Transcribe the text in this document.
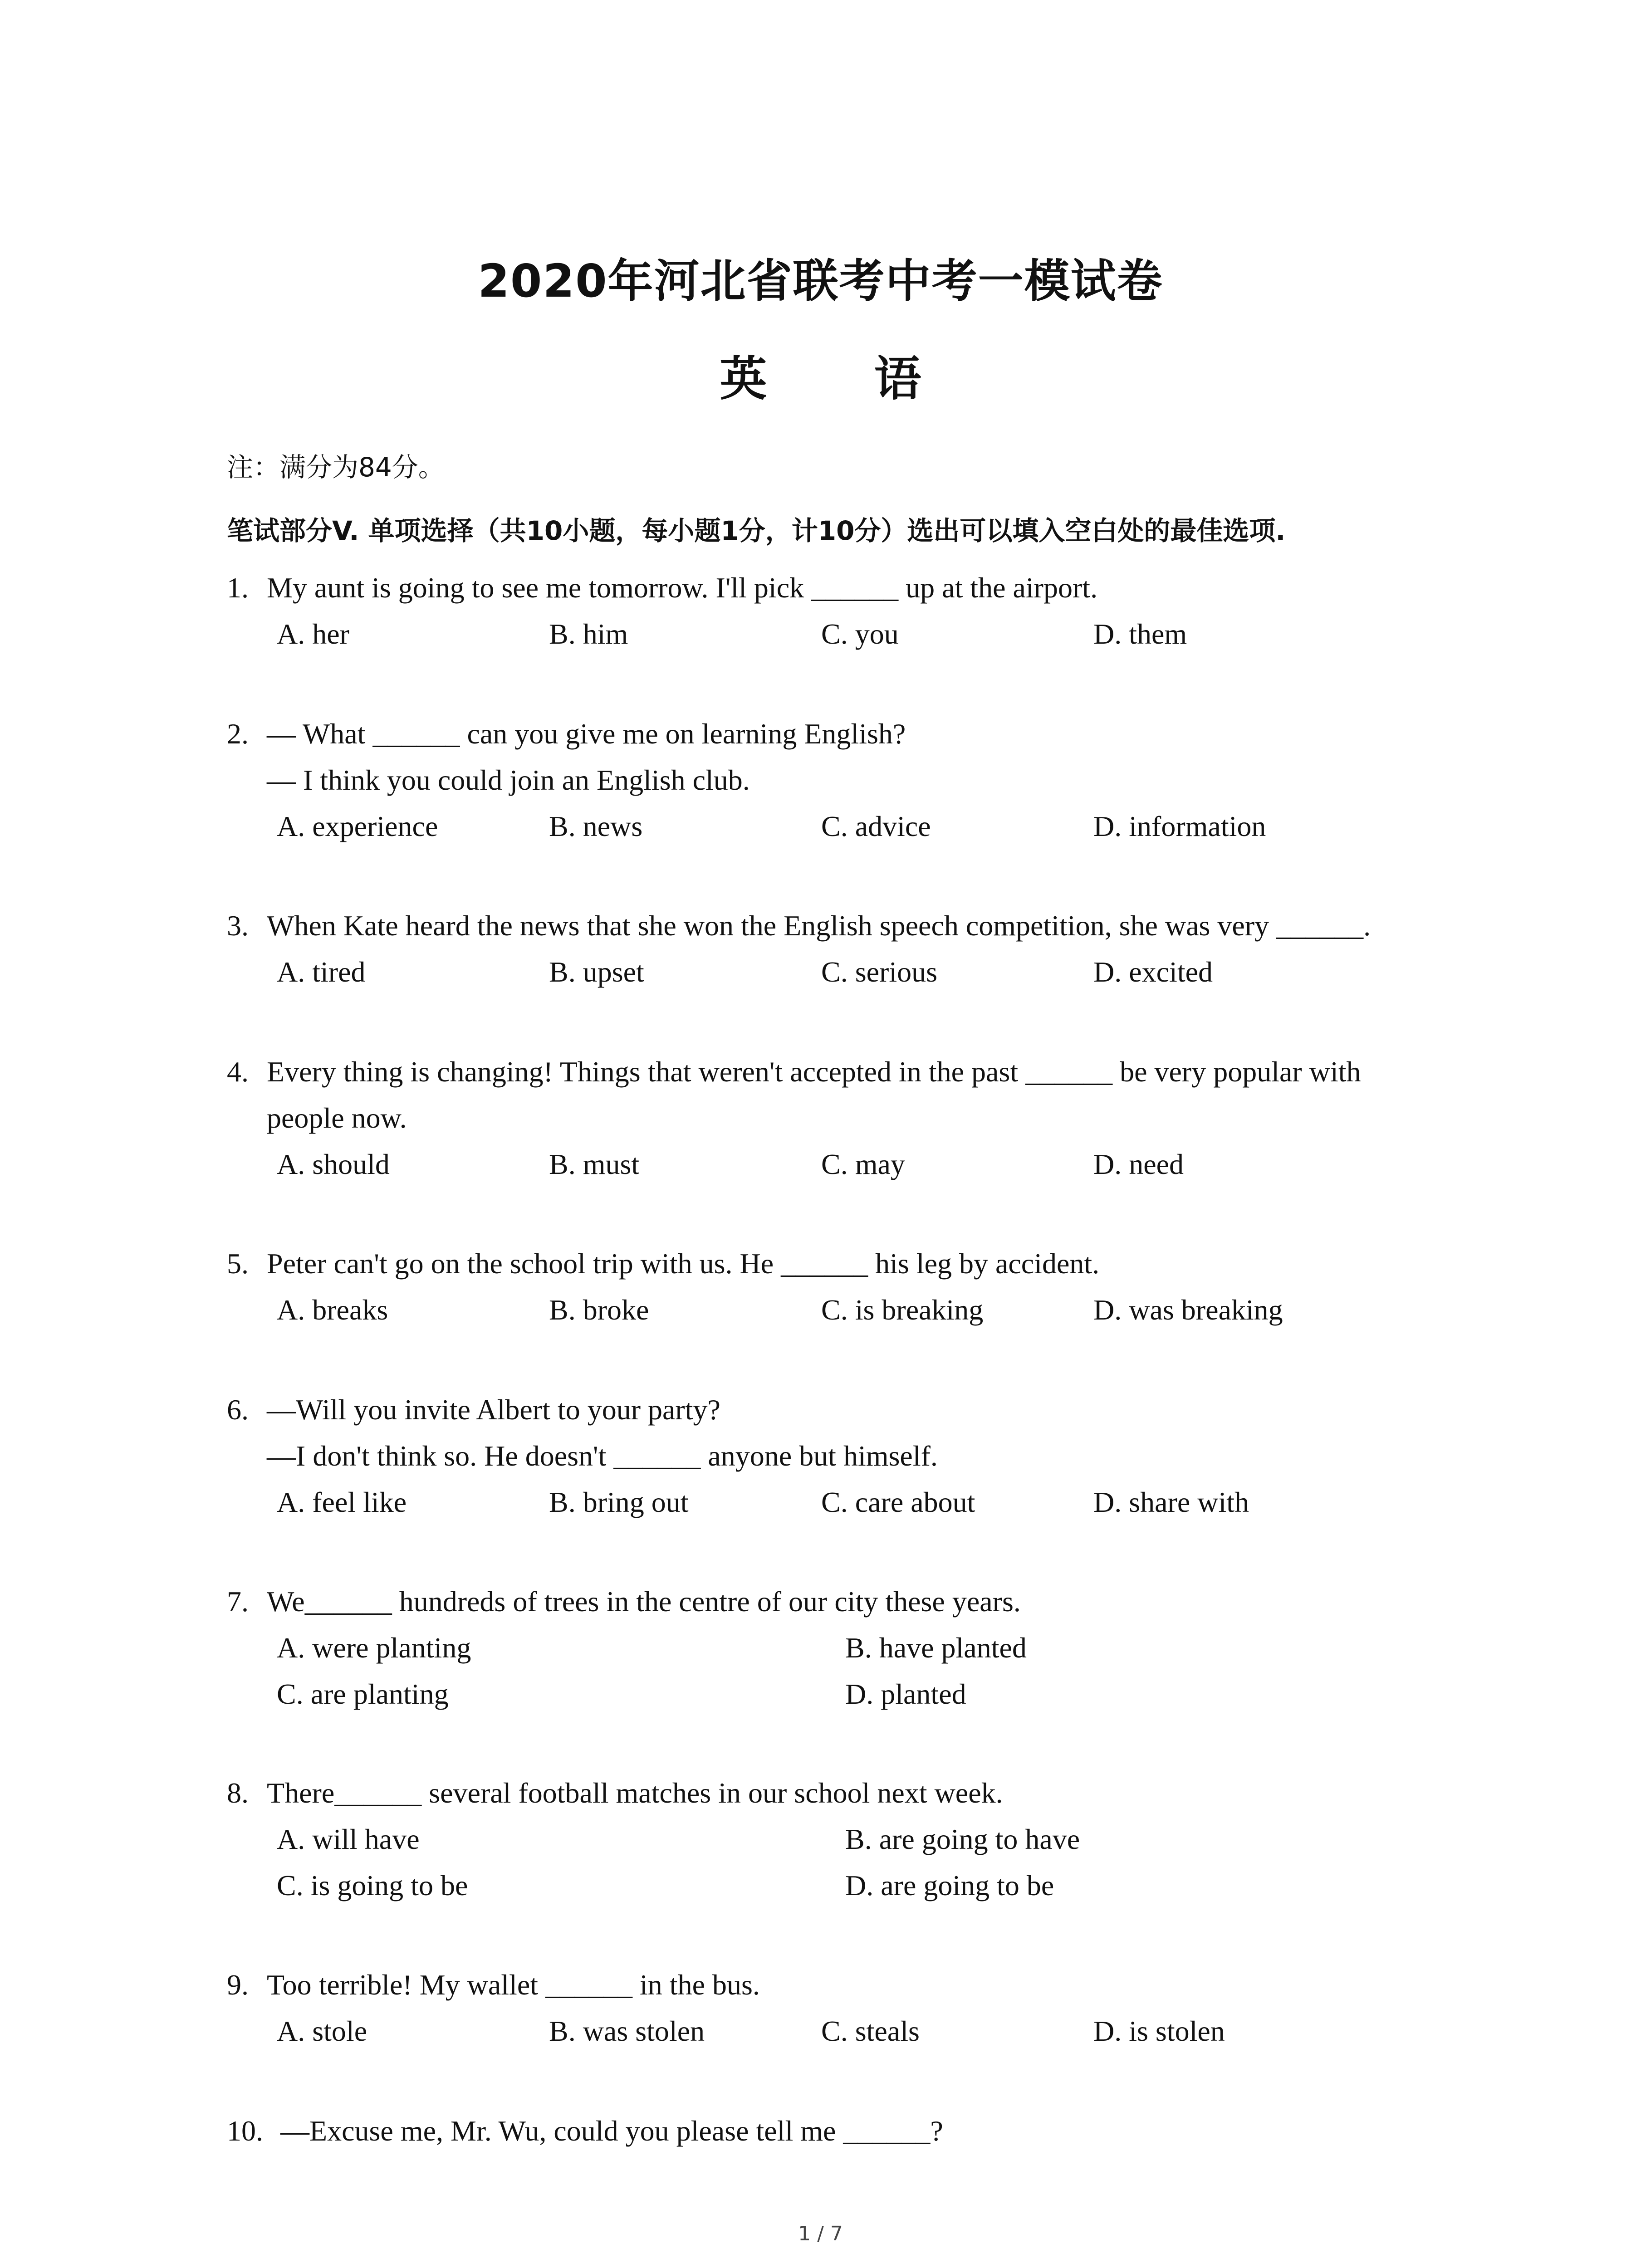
2020年河北省联考中考一模试卷
英 语
注：满分为84分。
笔试部分V. 单项选择（共10小题，每小题1分，计10分）选出可以填入空白处的最佳选项.
1. My aunt is going to see me tomorrow. I'll pick ______ up at the airport.
A. her	B. him	C. you	D. them
2. — What ______ can you give me on learning English?
— I think you could join an English club.
A. experience	B. news	C. advice	D. information
3. When Kate heard the news that she won the English speech competition, she was very ______.
A. tired	B. upset	C. serious	D. excited
4. Every thing is changing! Things that weren't accepted in the past ______ be very popular with
people now.
A. should	B. must	C. may	D. need
5. Peter can't go on the school trip with us. He ______ his leg by accident.
A. breaks	B. broke	C. is breaking	D. was breaking
6. —Will you invite Albert to your party?
—I don't think so. He doesn't ______ anyone but himself.
A. feel like	B. bring out	C. care about	D. share with
7. We______ hundreds of trees in the centre of our city these years.
A. were planting	B. have planted
C. are planting	D. planted
8. There______ several football matches in our school next week.
A. will have	B. are going to have
C. is going to be	D. are going to be
9. Too terrible! My wallet ______ in the bus.
A. stole	B. was stolen	C. steals	D. is stolen
10. —Excuse me, Mr. Wu, could you please tell me ______?
1 / 7
